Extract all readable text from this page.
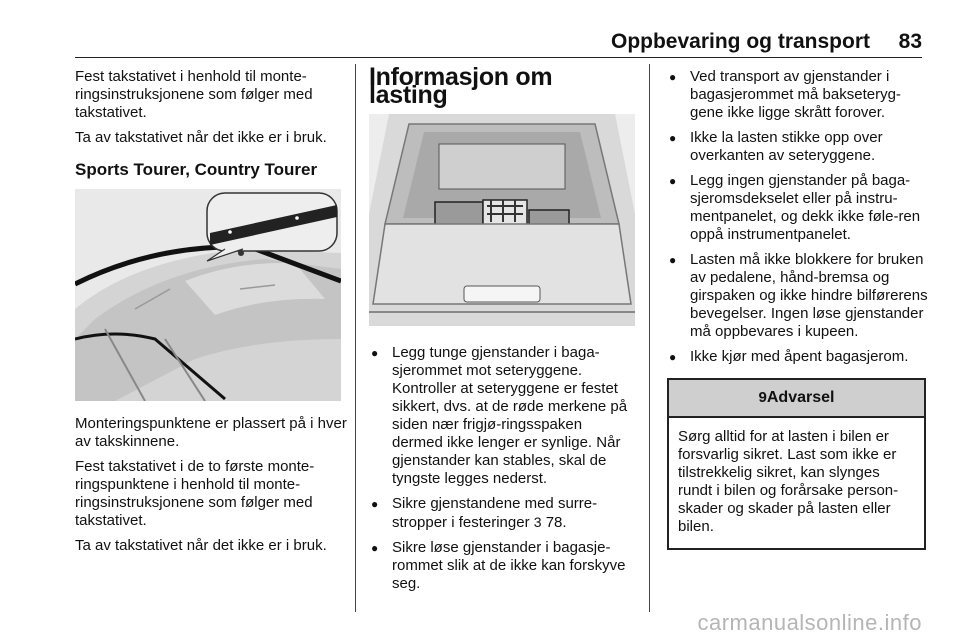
Oppbevaring og transport 83

Fest takstativet i henhold til monte-ringsinstruksjonene som følger med takstativet.

Ta av takstativet når det ikke er i bruk.

Sports Tourer, Country Tourer

Monteringspunktene er plassert på i hver av takskinnene.

Fest takstativet i de to første monte-ringspunktene i henhold til monte-ringsinstruksjonene som følger med takstativet.

Ta av takstativet når det ikke er i bruk.

Informasjon om lasting
● Legg tunge gjenstander i baga-sjerommet mot seteryggene. Kontroller at seteryggene er festet sikkert, dvs. at de røde merkene på siden nær frigjø-ringsspaken dermed ikke lenger er synlige. Når gjenstander kan stables, skal de tyngste legges nederst.
● Sikre gjenstandene med surre-stropper i festeringer 3 78.
● Sikre løse gjenstander i bagasje-rommet slik at de ikke kan forskyve seg.
● Ved transport av gjenstander i bagasjerommet må bakseteryg-gene ikke ligge skrått forover.
● Ikke la lasten stikke opp over overkanten av seteryggene.
● Legg ingen gjenstander på baga-sjeromsdekselet eller på instru-mentpanelet, og dekk ikke føle-ren oppå instrumentpanelet.
● Lasten må ikke blokkere for bruken av pedalene, hånd-bremsa og girspaken og ikke hindre bilførerens bevegelser. Ingen løse gjenstander må oppbevares i kupeen.
● Ikke kjør med åpent bagasjerom.
9Advarsel
Sørg alltid for at lasten i bilen er forsvarlig sikret. Last som ikke er tilstrekkelig sikret, kan slynges rundt i bilen og forårsake person-skader og skader på lasten eller bilen.
carmanualsonline.info
